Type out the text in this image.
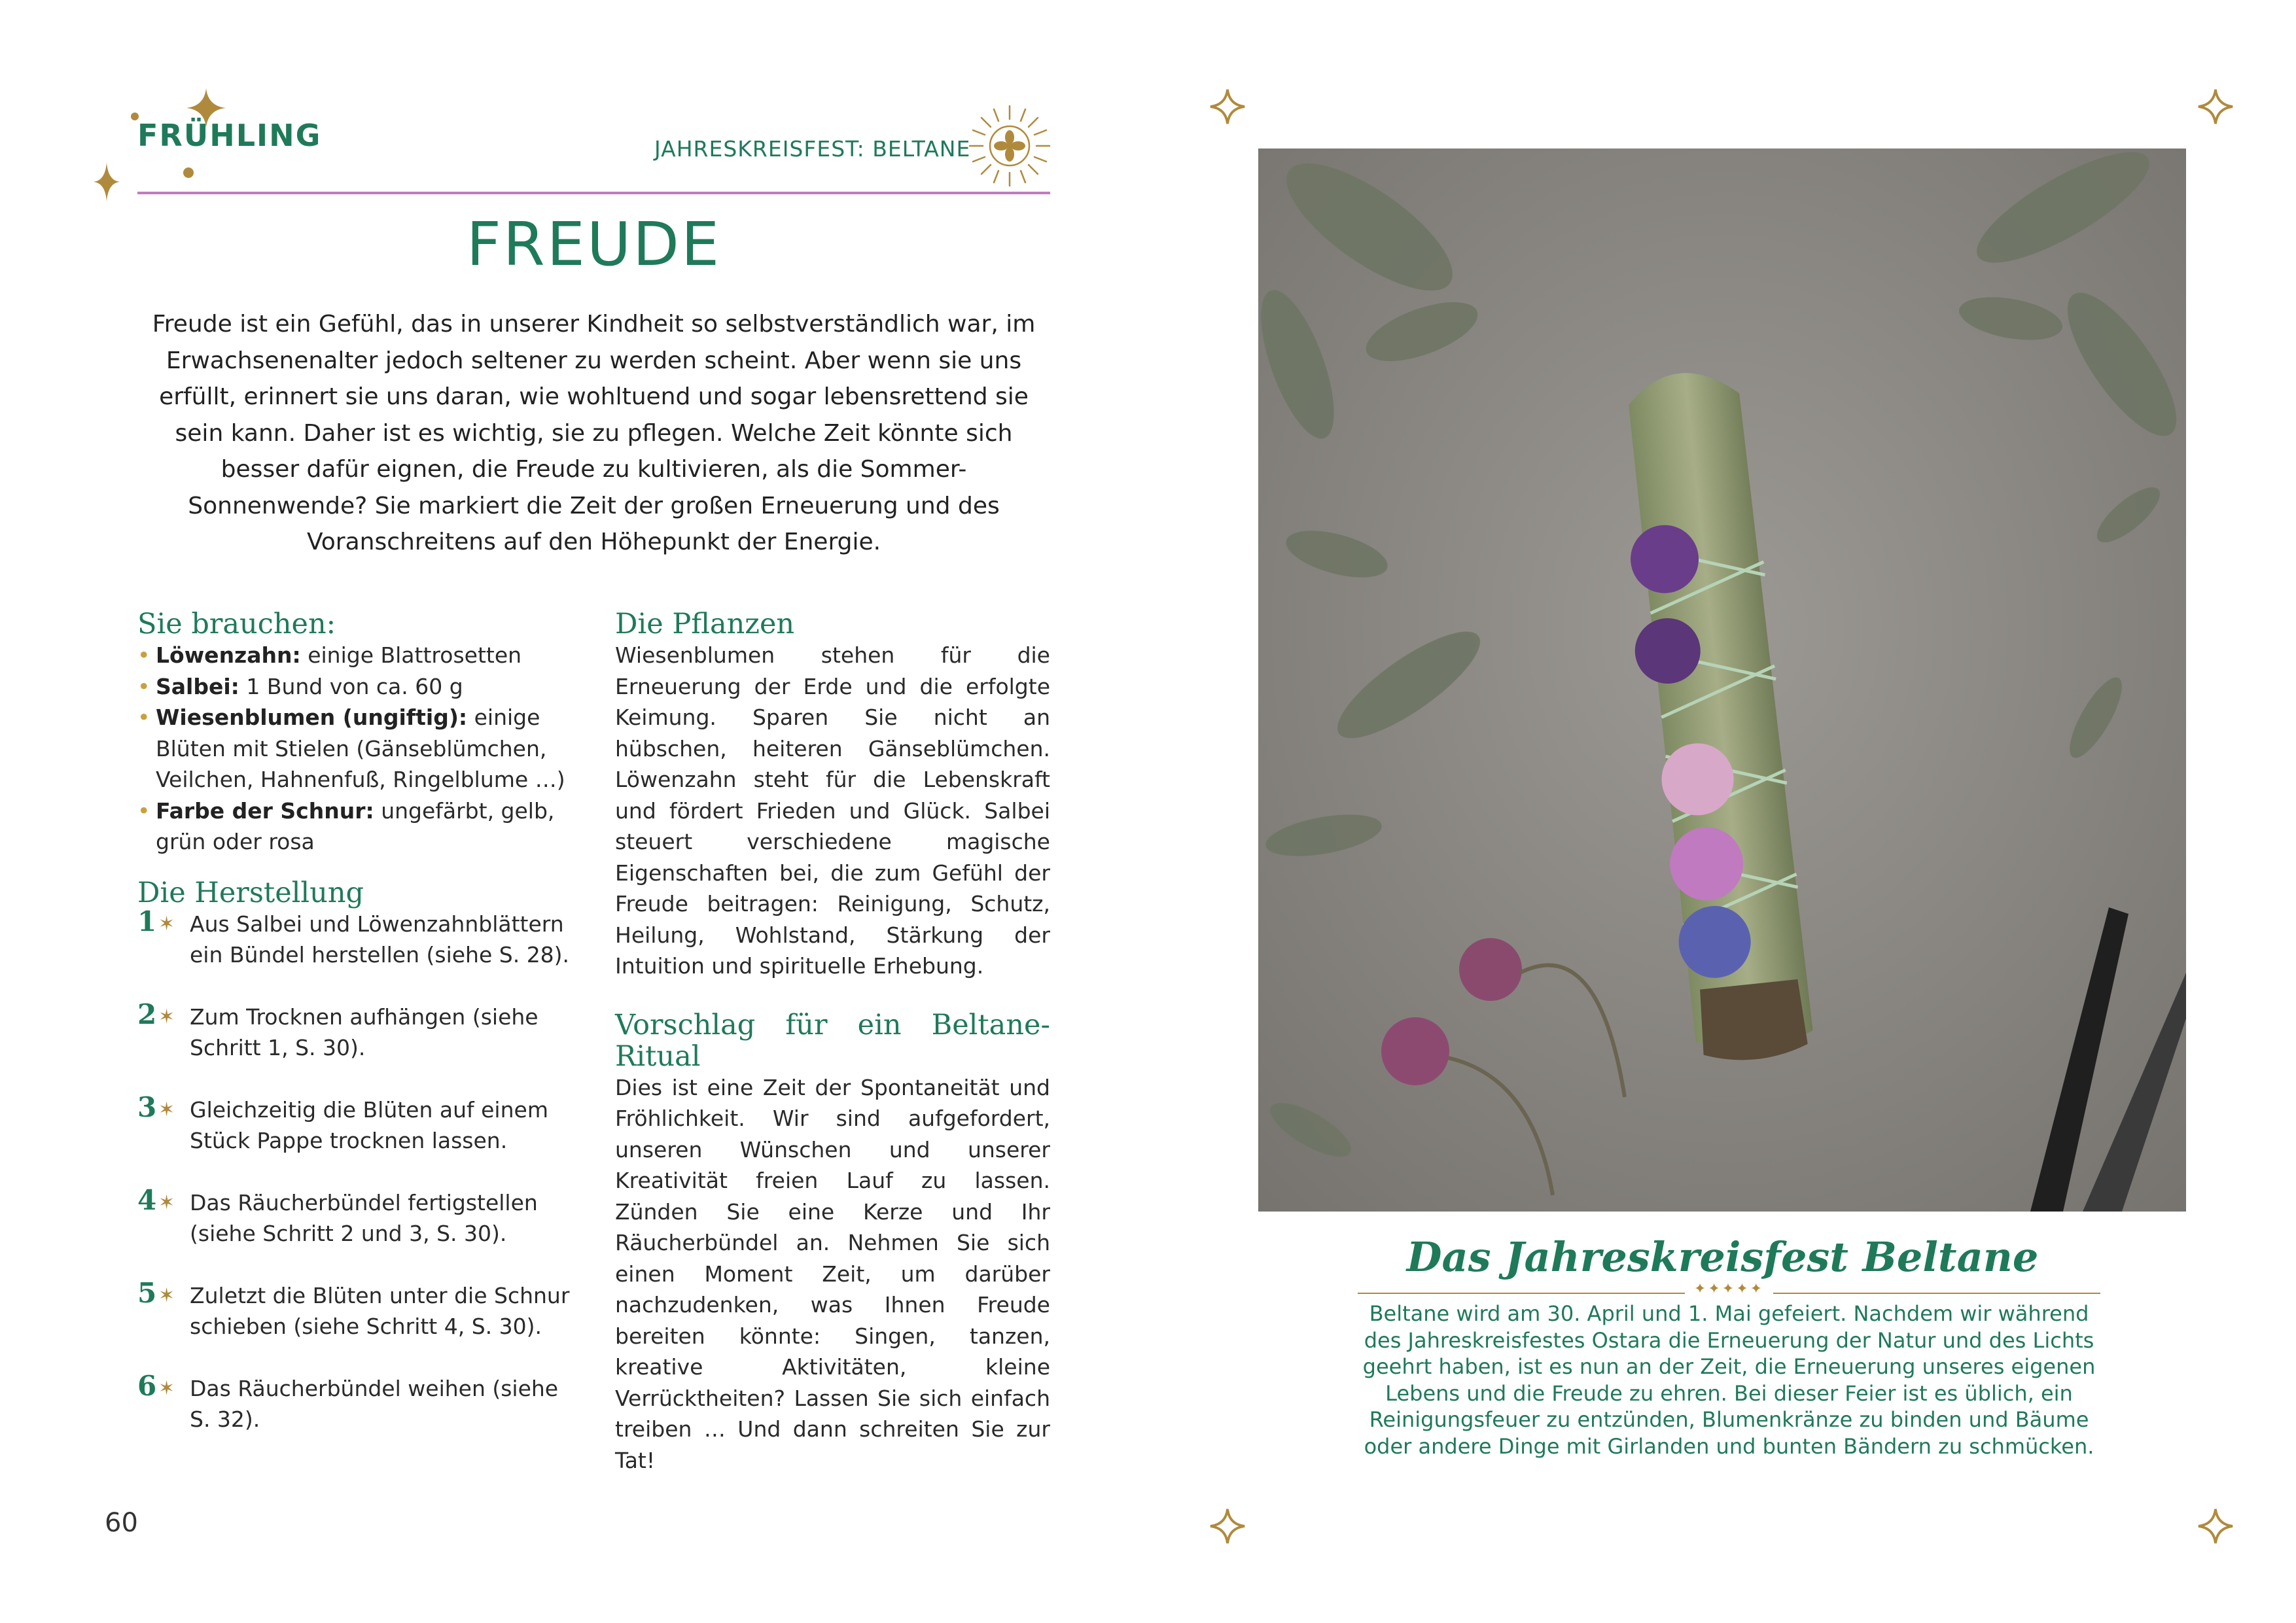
FRÜHLING	JAHRESKREISFEST: BELTANE
FREUDE
Freude ist ein Gefühl, das in unserer Kindheit so selbstverständlich war, im Erwachsenenalter jedoch seltener zu werden scheint. Aber wenn sie uns erfüllt, erinnert sie uns daran, wie wohltuend und sogar lebensrettend sie sein kann. Daher ist es wichtig, sie zu pflegen. Welche Zeit könnte sich besser dafür eignen, die Freude zu kultivieren, als die Sommer-Sonnenwende? Sie markiert die Zeit der großen Erneuerung und des Voranschreitens auf den Höhepunkt der Energie.
Sie brauchen:
• Löwenzahn: einige Blattrosetten
• Salbei: 1 Bund von ca. 60 g
• Wiesenblumen (ungiftig): einige Blüten mit Stielen (Gänseblümchen, Veilchen, Hahnenfuß, Ringelblume …)
• Farbe der Schnur: ungefärbt, gelb, grün oder rosa
Die Herstellung
1 ✶ Aus Salbei und Löwenzahnblättern ein Bündel herstellen (siehe S. 28).
2 ✶ Zum Trocknen aufhängen (siehe Schritt 1, S. 30).
3 ✶ Gleichzeitig die Blüten auf einem Stück Pappe trocknen lassen.
4 ✶ Das Räucherbündel fertigstellen (siehe Schritt 2 und 3, S. 30).
5 ✶ Zuletzt die Blüten unter die Schnur schieben (siehe Schritt 4, S. 30).
6 ✶ Das Räucherbündel weihen (siehe S. 32).
Die Pflanzen
Wiesenblumen stehen für die Erneuerung der Erde und die erfolgte Keimung. Sparen Sie nicht an hübschen, heiteren Gänseblümchen. Löwenzahn steht für die Lebenskraft und fördert Frieden und Glück. Salbei steuert verschiedene magische Eigenschaften bei, die zum Gefühl der Freude beitragen: Reinigung, Schutz, Heilung, Wohlstand, Stärkung der Intuition und spirituelle Erhebung.
Vorschlag für ein Beltane-Ritual
Dies ist eine Zeit der Spontaneität und Fröhlichkeit. Wir sind aufgefordert, unseren Wünschen und unserer Kreativität freien Lauf zu lassen. Zünden Sie eine Kerze und Ihr Räucherbündel an. Nehmen Sie sich einen Moment Zeit, um darüber nachzudenken, was Ihnen Freude bereiten könnte: Singen, tanzen, kreative Aktivitäten, kleine Verrücktheiten? Lassen Sie sich einfach treiben … Und dann schreiten Sie zur Tat!
60
Das Jahreskreisfest Beltane
✦✦✦✦✦
Beltane wird am 30. April und 1. Mai gefeiert. Nachdem wir während des Jahreskreisfestes Ostara die Erneuerung der Natur und des Lichts geehrt haben, ist es nun an der Zeit, die Erneuerung unseres eigenen Lebens und die Freude zu ehren. Bei dieser Feier ist es üblich, ein Reinigungsfeuer zu entzünden, Blumenkränze zu binden und Bäume oder andere Dinge mit Girlanden und bunten Bändern zu schmücken.
